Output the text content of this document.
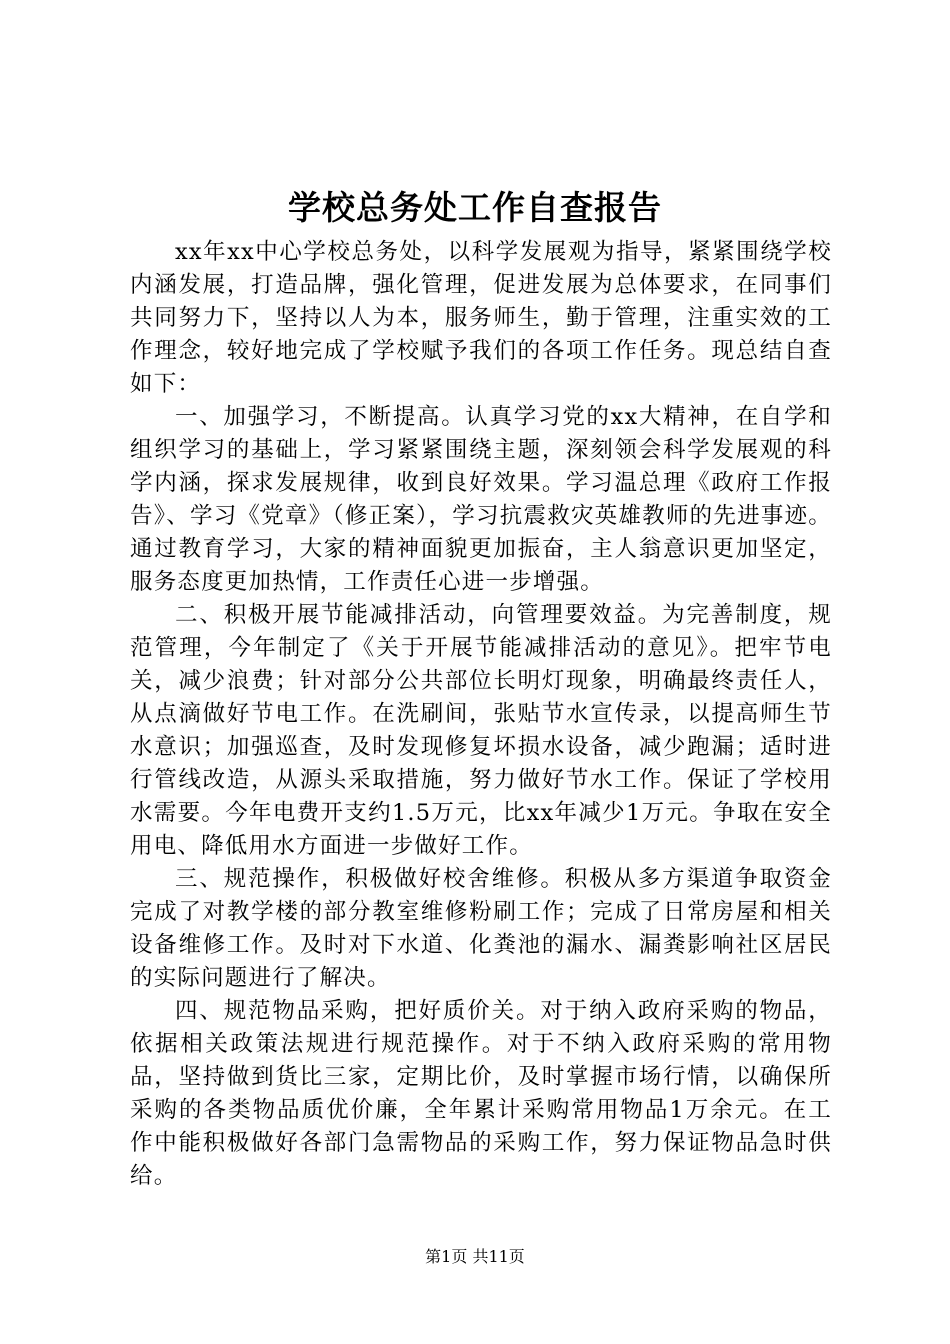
学校总务处工作自查报告

xx年xx中心学校总务处，以科学发展观为指导，紧紧围绕学校内涵发展，打造品牌，强化管理，促进发展为总体要求，在同事们共同努力下，坚持以人为本，服务师生，勤于管理，注重实效的工作理念，较好地完成了学校赋予我们的各项工作任务。现总结自查如下：

一、加强学习，不断提高。认真学习党的xx大精神，在自学和组织学习的基础上，学习紧紧围绕主题，深刻领会科学发展观的科学内涵，探求发展规律，收到良好效果。学习温总理《政府工作报告》、学习《党章》（修正案），学习抗震救灾英雄教师的先进事迹。通过教育学习，大家的精神面貌更加振奋，主人翁意识更加坚定，服务态度更加热情，工作责任心进一步增强。

二、积极开展节能减排活动，向管理要效益。为完善制度，规范管理，今年制定了《关于开展节能减排活动的意见》。把牢节电关，减少浪费；针对部分公共部位长明灯现象，明确最终责任人，从点滴做好节电工作。在洗刷间，张贴节水宣传录，以提高师生节水意识；加强巡查，及时发现修复坏损水设备，减少跑漏；适时进行管线改造，从源头采取措施，努力做好节水工作。保证了学校用水需要。今年电费开支约1.5万元，比xx年减少1万元。争取在安全用电、降低用水方面进一步做好工作。

三、规范操作，积极做好校舍维修。积极从多方渠道争取资金完成了对教学楼的部分教室维修粉刷工作；完成了日常房屋和相关设备维修工作。及时对下水道、化粪池的漏水、漏粪影响社区居民的实际问题进行了解决。

四、规范物品采购，把好质价关。对于纳入政府采购的物品，依据相关政策法规进行规范操作。对于不纳入政府采购的常用物品，坚持做到货比三家，定期比价，及时掌握市场行情，以确保所采购的各类物品质优价廉，全年累计采购常用物品1万余元。在工作中能积极做好各部门急需物品的采购工作，努力保证物品急时供给。

第1页 共11页
